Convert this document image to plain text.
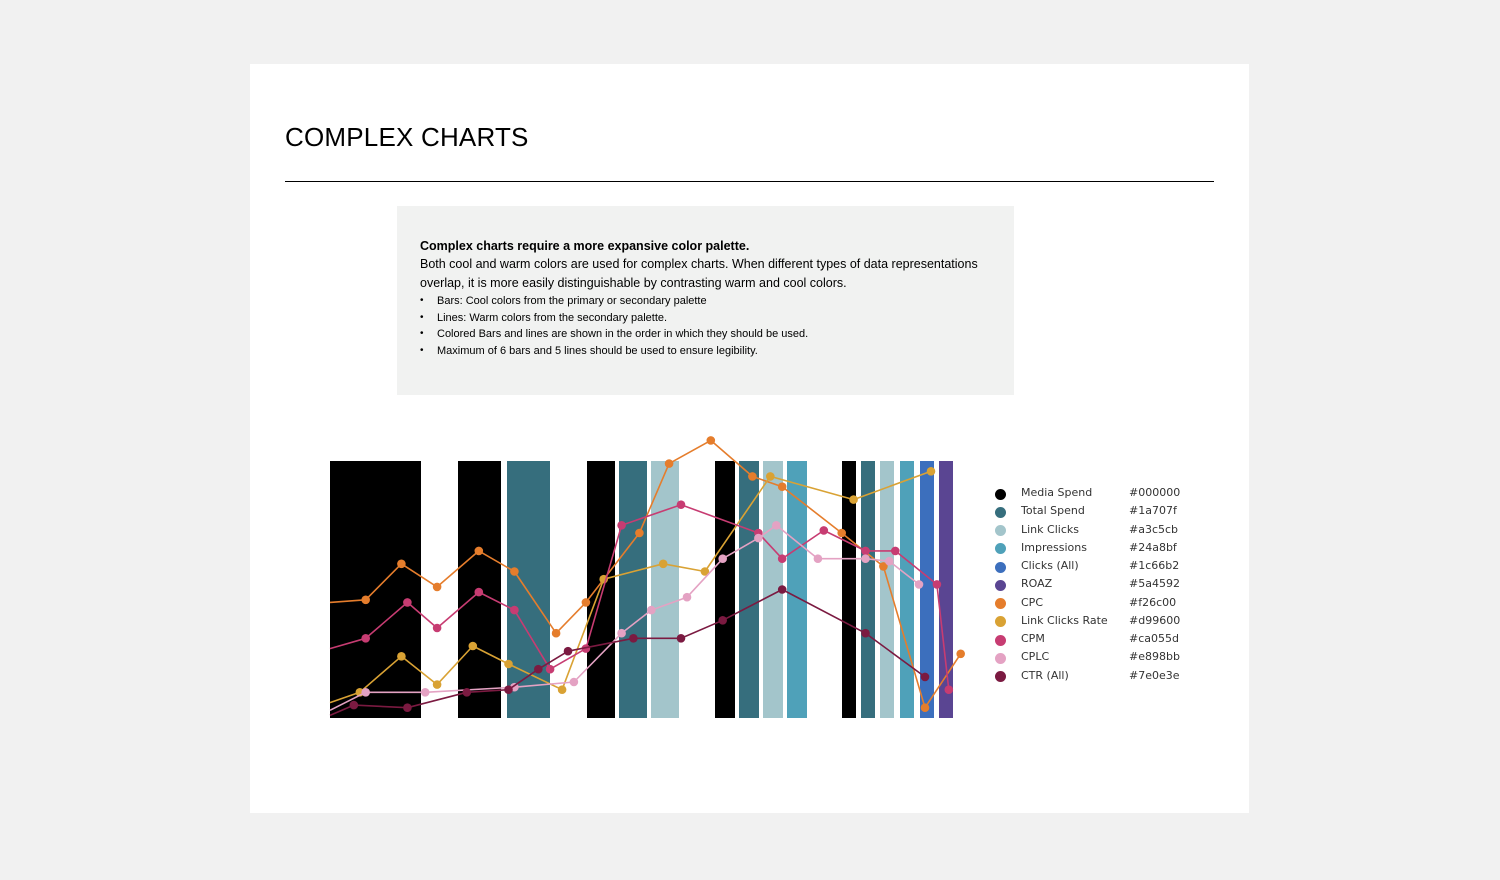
COMPLEX CHARTS
Complex charts require a more expansive color palette.
Both cool and warm colors are used for complex charts. When different types of data representations overlap, it is more easily distinguishable by contrasting warm and cool colors.
• Bars: Cool colors from the primary or secondary palette
• Lines: Warm colors from the secondary palette.
• Colored Bars and lines are shown in the order in which they should be used.
• Maximum of 6 bars and 5 lines should be used to ensure legibility.
Media Spend	#000000
Total Spend	#1a707f
Link Clicks	#a3c5cb
Impressions	#24a8bf
Clicks (All)	#1c66b2
ROAZ	#5a4592
CPC	#f26c00
Link Clicks Rate #d99600
CPM	#ca055d
CPLC	#e898bb
CTR (All)	#7e0e3e
